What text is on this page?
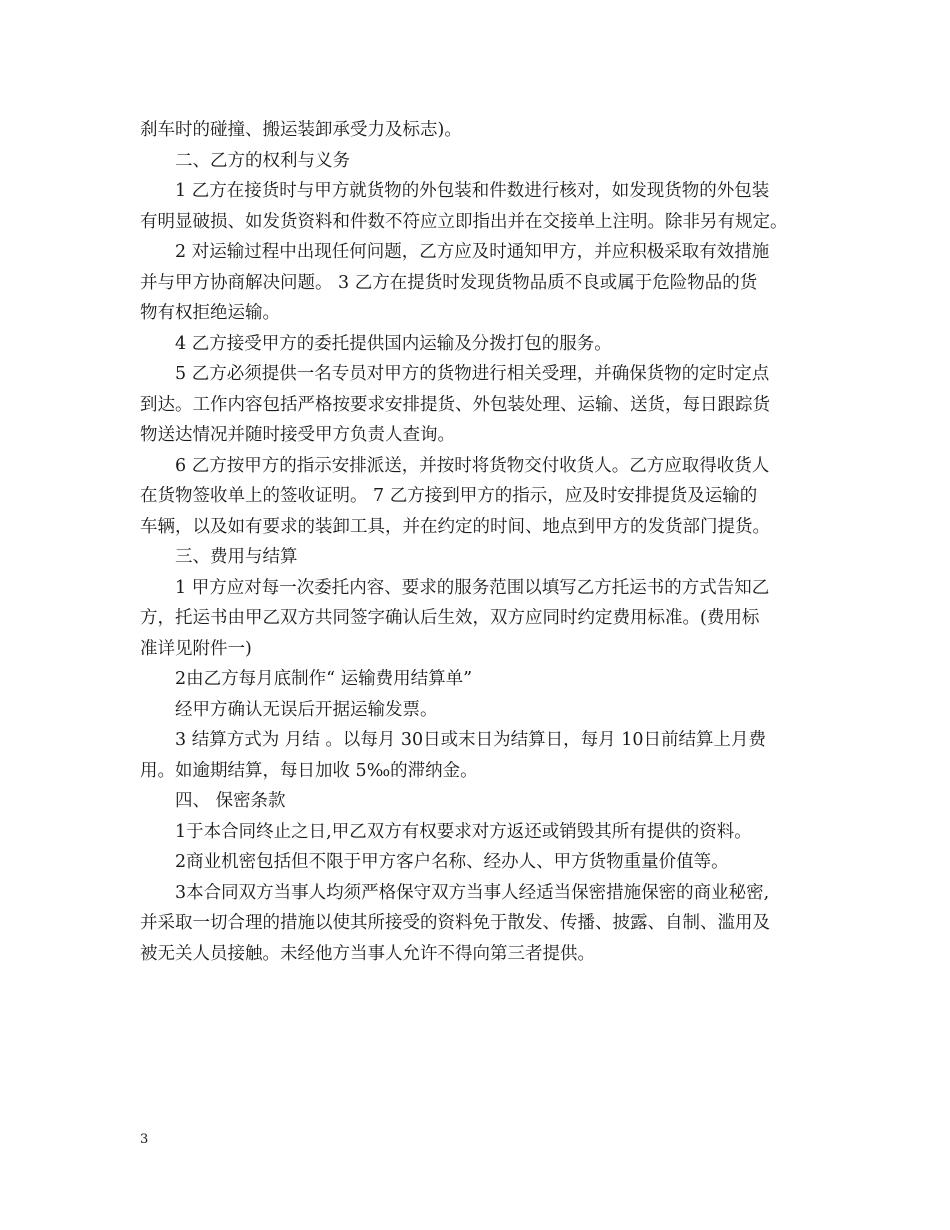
刹车时的碰撞、搬运装卸承受力及标志)。

二、乙方的权利与义务

1 乙方在接货时与甲方就货物的外包装和件数进行核对，如发现货物的外包装

有明显破损、如发货资料和件数不符应立即指出并在交接单上注明。除非另有规定。

2 对运输过程中出现任何问题，乙方应及时通知甲方，并应积极采取有效措施

并与甲方协商解决问题。 3 乙方在提货时发现货物品质不良或属于危险物品的货

物有权拒绝运输。

4 乙方接受甲方的委托提供国内运输及分拨打包的服务。

5 乙方必须提供一名专员对甲方的货物进行相关受理，并确保货物的定时定点

到达。工作内容包括严格按要求安排提货、外包装处理、运输、送货，每日跟踪货

物送达情况并随时接受甲方负责人查询。

6 乙方按甲方的指示安排派送，并按时将货物交付收货人。乙方应取得收货人

在货物签收单上的签收证明。 7 乙方接到甲方的指示，应及时安排提货及运输的

车辆，以及如有要求的装卸工具，并在约定的时间、地点到甲方的发货部门提货。

三、费用与结算

1 甲方应对每一次委托内容、要求的服务范围以填写乙方托运书的方式告知乙

方，托运书由甲乙双方共同签字确认后生效，双方应同时约定费用标准。(费用标

准详见附件一)

2由乙方每月底制作“ 运输费用结算单”

经甲方确认无误后开据运输发票。

3 结算方式为 月结 。以每月 30日或末日为结算日，每月 10日前结算上月费

用。如逾期结算，每日加收 5‰的滞纳金。

四、 保密条款

1于本合同终止之日,甲乙双方有权要求对方返还或销毁其所有提供的资料。

2商业机密包括但不限于甲方客户名称、经办人、甲方货物重量价值等。

3本合同双方当事人均须严格保守双方当事人经适当保密措施保密的商业秘密,

并采取一切合理的措施以使其所接受的资料免于散发、传播、披露、自制、滥用及

被无关人员接触。未经他方当事人允许不得向第三者提供。

3
